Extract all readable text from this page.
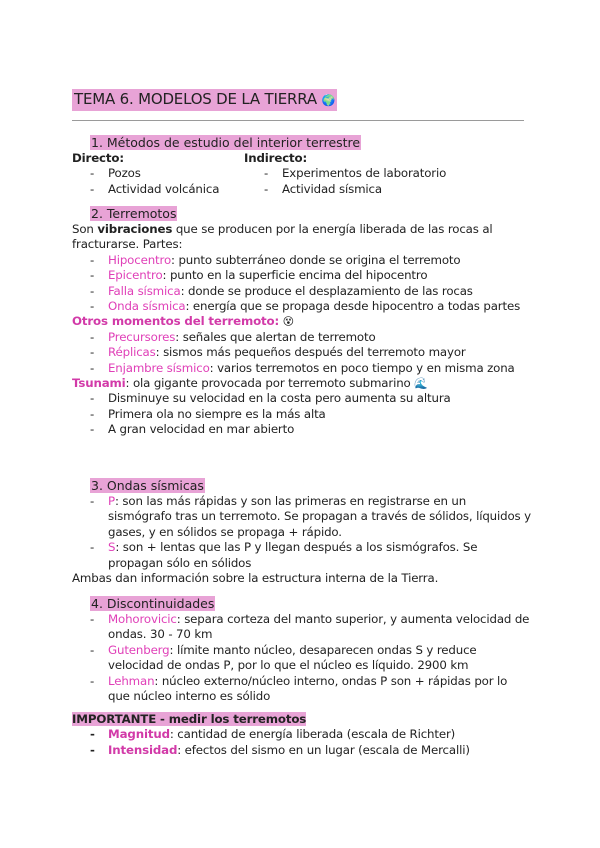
TEMA 6. MODELOS DE LA TIERRA 🌍
1. Métodos de estudio del interior terrestre
Directo:
- Pozos
- Actividad volcánica
Indirecto:
- Experimentos de laboratorio
- Actividad sísmica
2. Terremotos
Son vibraciones que se producen por la energía liberada de las rocas al fracturarse. Partes:
- Hipocentro: punto subterráneo donde se origina el terremoto
- Epicentro: punto en la superficie encima del hipocentro
- Falla sísmica: donde se produce el desplazamiento de las rocas
- Onda sísmica: energía que se propaga desde hipocentro a todas partes
Otros momentos del terremoto: 😵
- Precursores: señales que alertan de terremoto
- Réplicas: sismos más pequeños después del terremoto mayor
- Enjambre sísmico: varios terremotos en poco tiempo y en misma zona
Tsunami: ola gigante provocada por terremoto submarino 🌊
- Disminuye su velocidad en la costa pero aumenta su altura
- Primera ola no siempre es la más alta
- A gran velocidad en mar abierto
3. Ondas sísmicas
- P: son las más rápidas y son las primeras en registrarse en un sismógrafo tras un terremoto. Se propagan a través de sólidos, líquidos y gases, y en sólidos se propaga + rápido.
- S: son + lentas que las P y llegan después a los sismógrafos. Se propagan sólo en sólidos
Ambas dan información sobre la estructura interna de la Tierra.
4. Discontinuidades
- Mohorovicic: separa corteza del manto superior, y aumenta velocidad de ondas. 30 - 70 km
- Gutenberg: límite manto núcleo, desaparecen ondas S y reduce velocidad de ondas P, por lo que el núcleo es líquido. 2900 km
- Lehman: núcleo externo/núcleo interno, ondas P son + rápidas por lo que núcleo interno es sólido
IMPORTANTE - medir los terremotos
- Magnitud: cantidad de energía liberada (escala de Richter)
- Intensidad: efectos del sismo en un lugar (escala de Mercalli)
